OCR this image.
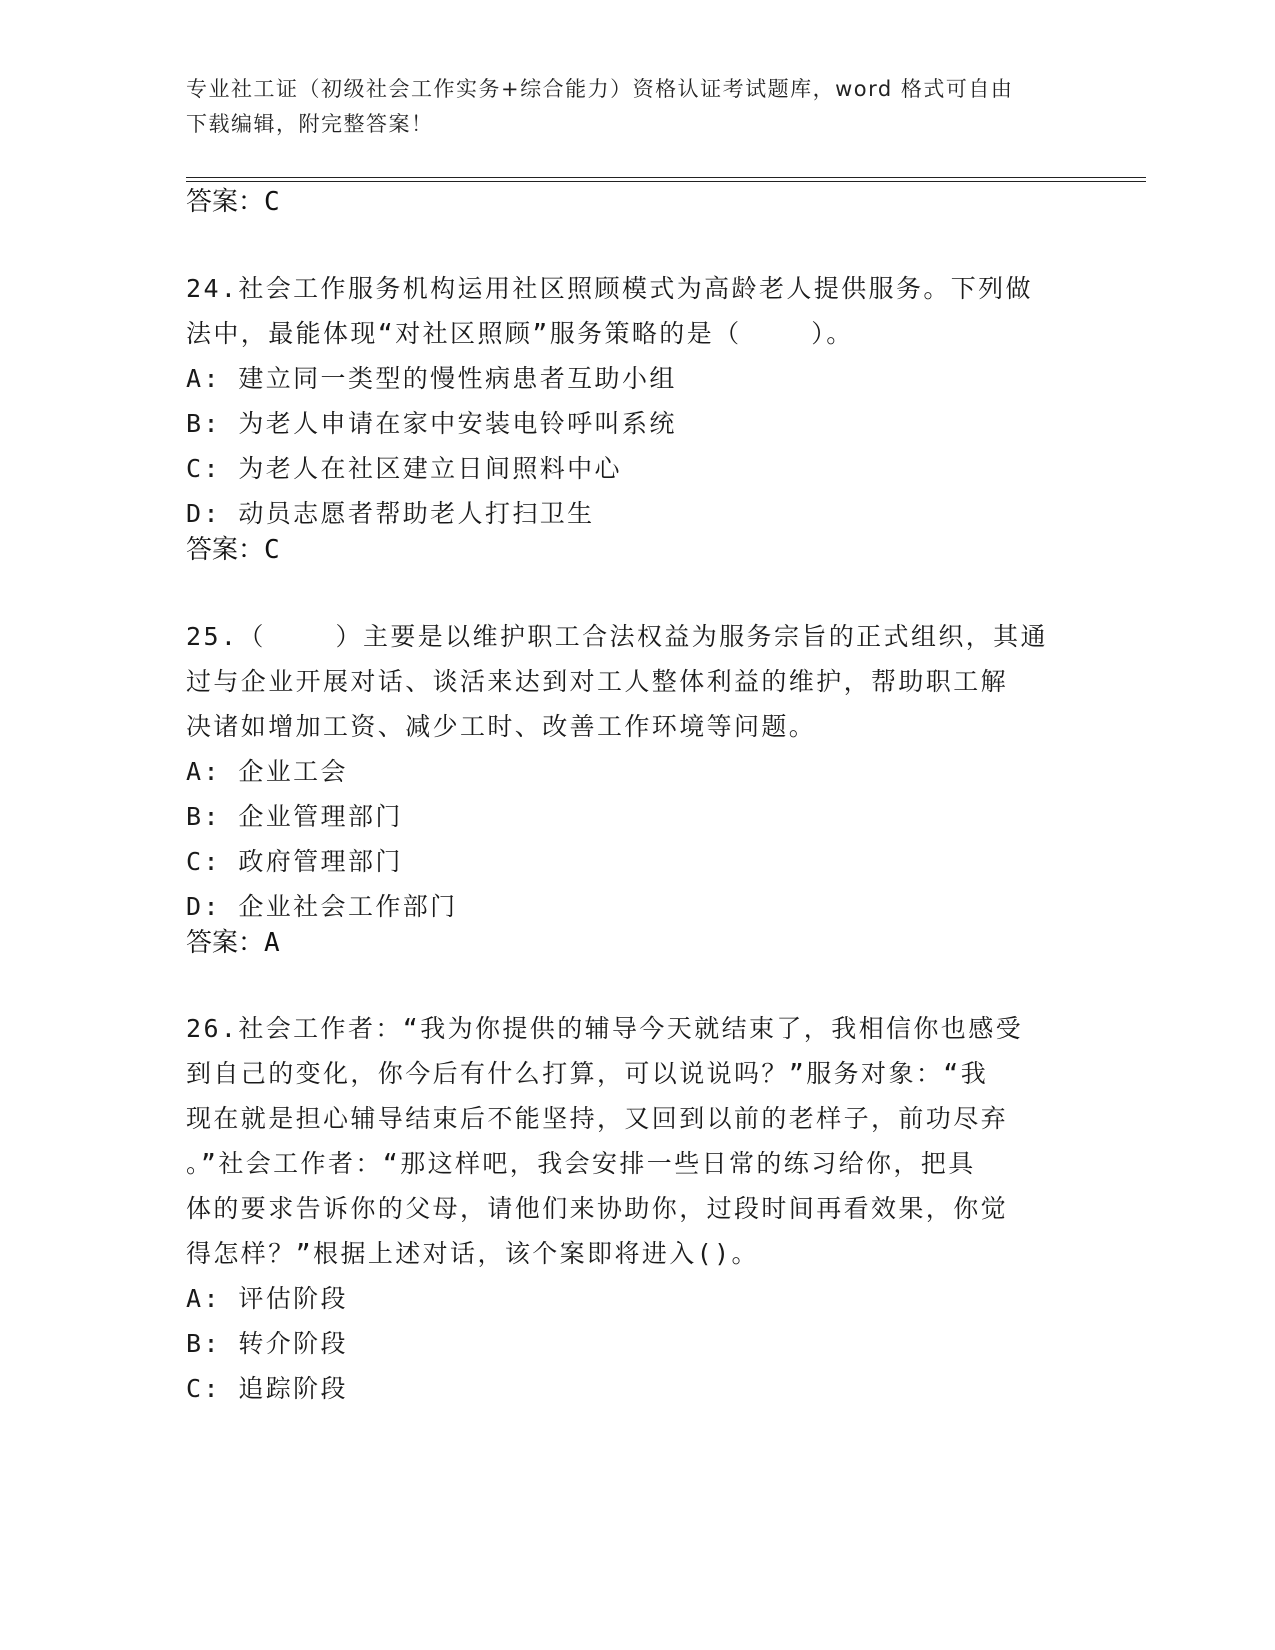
专业社工证（初级社会工作实务+综合能力）资格认证考试题库，word 格式可自由
下载编辑，附完整答案！
答案：C
24.社会工作服务机构运用社区照顾模式为高龄老人提供服务。下列做
法中，最能体现“对社区照顾”服务策略的是（    ）。
A: 建立同一类型的慢性病患者互助小组
B: 为老人申请在家中安装电铃呼叫系统
C: 为老人在社区建立日间照料中心
D: 动员志愿者帮助老人打扫卫生
答案：C
25.（    ）主要是以维护职工合法权益为服务宗旨的正式组织，其通
过与企业开展对话、谈活来达到对工人整体利益的维护，帮助职工解
决诸如增加工资、减少工时、改善工作环境等问题。
A: 企业工会
B: 企业管理部门
C: 政府管理部门
D: 企业社会工作部门
答案：A
26.社会工作者：“我为你提供的辅导今天就结束了，我相信你也感受
到自己的变化，你今后有什么打算，可以说说吗？”服务对象：“我
现在就是担心辅导结束后不能坚持，又回到以前的老样子，前功尽弃
。”社会工作者：“那这样吧，我会安排一些日常的练习给你，把具
体的要求告诉你的父母，请他们来协助你，过段时间再看效果，你觉
得怎样？”根据上述对话，该个案即将进入()。
A: 评估阶段
B: 转介阶段
C: 追踪阶段
